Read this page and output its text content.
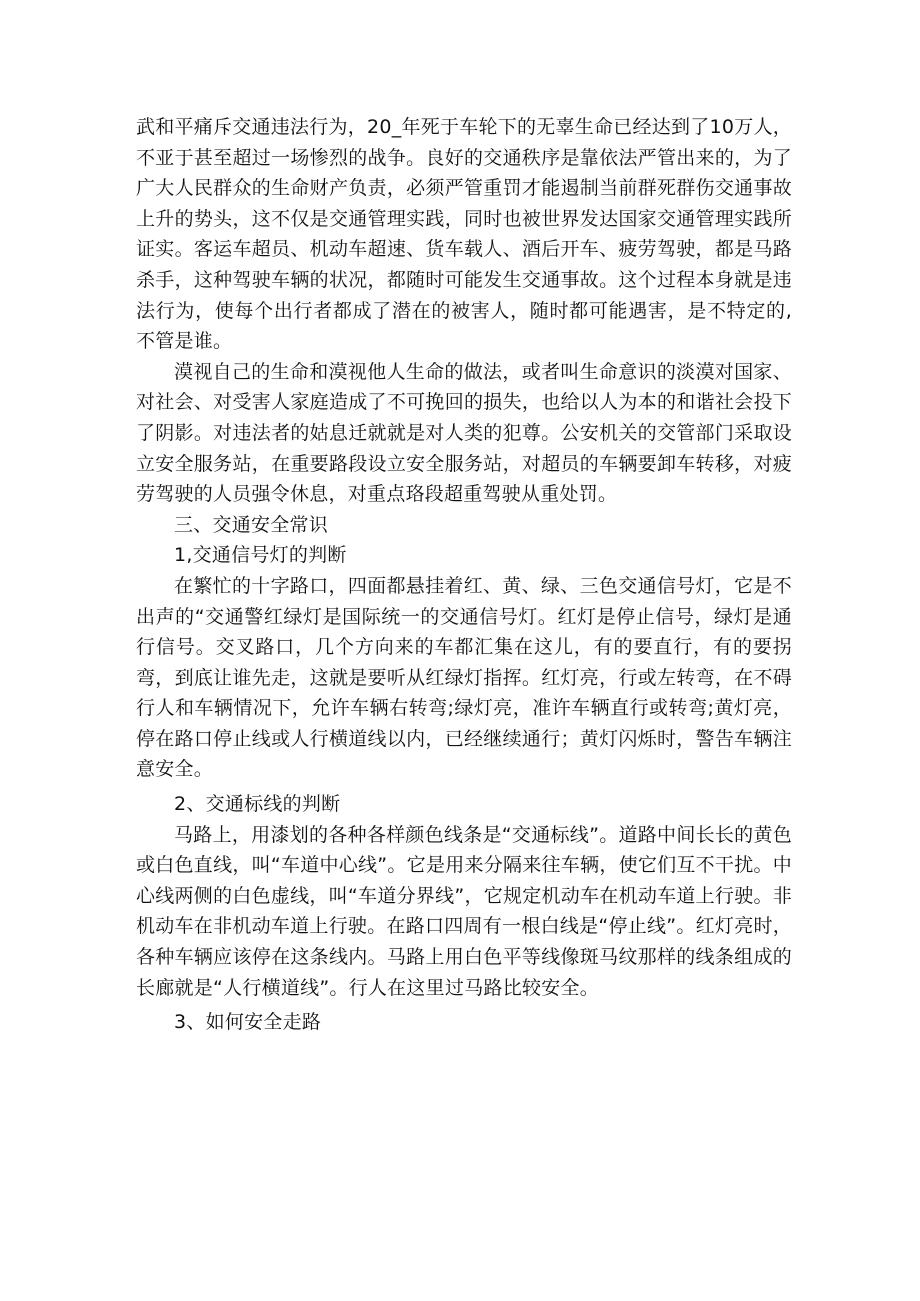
武和平痛斥交通违法行为，20_年死于车轮下的无辜生命已经达到了10万人，不亚于甚至超过一场惨烈的战争。良好的交通秩序是靠依法严管出来的，为了广大人民群众的生命财产负责，必须严管重罚才能遏制当前群死群伤交通事故上升的势头，这不仅是交通管理实践，同时也被世界发达国家交通管理实践所证实。客运车超员、机动车超速、货车载人、酒后开车、疲劳驾驶，都是马路杀手，这种驾驶车辆的状况，都随时可能发生交通事故。这个过程本身就是违法行为，使每个出行者都成了潜在的被害人，随时都可能遇害，是不特定的,不管是谁。

漠视自己的生命和漠视他人生命的做法，或者叫生命意识的淡漠对国家、对社会、对受害人家庭造成了不可挽回的损失，也给以人为本的和谐社会投下了阴影。对违法者的姑息迁就就是对人类的犯尊。公安机关的交管部门采取设立安全服务站，在重要路段设立安全服务站，对超员的车辆要卸车转移，对疲劳驾驶的人员强令休息，对重点珞段超重驾驶从重处罚。

三、交通安全常识

1,交通信号灯的判断

在繁忙的十字路口，四面都悬挂着红、黄、绿、三色交通信号灯，它是不出声的“交通警红绿灯是国际统一的交通信号灯。红灯是停止信号，绿灯是通行信号。交叉路口，几个方向来的车都汇集在这儿，有的要直行，有的要拐弯，到底让谁先走，这就是要听从红绿灯指挥。红灯亮，行或左转弯，在不碍行人和车辆情况下，允许车辆右转弯;绿灯亮，准许车辆直行或转弯;黄灯亮，停在路口停止线或人行横道线以内，已经继续通行；黄灯闪烁时，警告车辆注意安全。

2、交通标线的判断

马路上，用漆划的各种各样颜色线条是“交通标线”。道路中间长长的黄色或白色直线，叫“车道中心线”。它是用来分隔来往车辆，使它们互不干扰。中心线两侧的白色虚线，叫“车道分界线”，它规定机动车在机动车道上行驶。非机动车在非机动车道上行驶。在路口四周有一根白线是“停止线”。红灯亮时，各种车辆应该停在这条线内。马路上用白色平等线像斑马纹那样的线条组成的长廊就是“人行横道线”。行人在这里过马路比较安全。

3、如何安全走路
